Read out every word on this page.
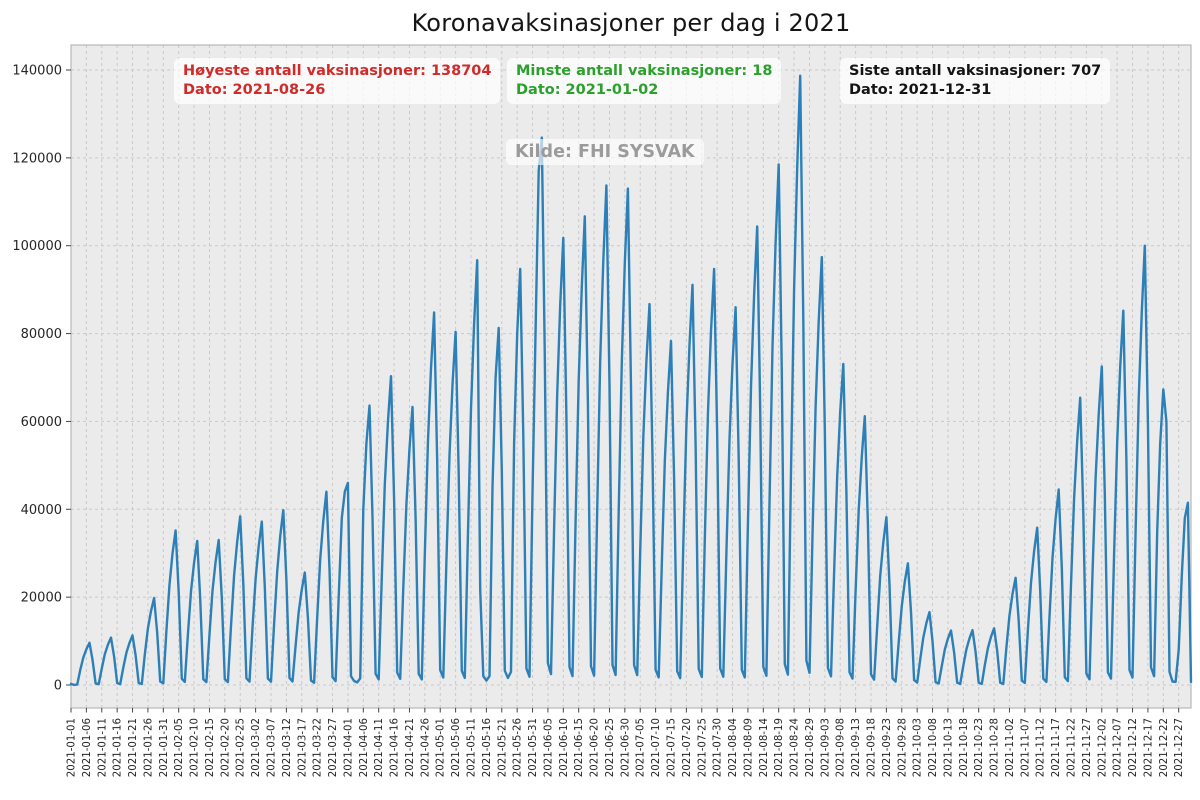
2021-01-01 2021-01-06 2021-01-11 2021-01-16 2021-01-21 2021-01-26 2021-01-31 2021-02-05 2021-02-10 2021-02-15 2021-02-20 2021-02-25 2021-03-02 2021-03-07 2021-03-12 2021-03-17 2021-03-22 2021-03-27 2021-04-01 2021-04-06 2021-04-11 2021-04-16 2021-04-21 2021-04-26 2021-05-01 2021-05-06 2021-05-11 2021-05-16 2021-05-21 2021-05-26 2021-05-31 2021-06-05 2021-06-10 2021-06-15 2021-06-20 2021-06-25 2021-06-30 2021-07-05 2021-07-10 2021-07-15 2021-07-20 2021-07-25 2021-07-30 2021-08-04 2021-08-09 2021-08-14 2021-08-19 2021-08-24 2021-08-29 2021-09-03 2021-09-08 2021-09-13 2021-09-18 2021-09-23 2021-09-28 2021-10-03 2021-10-08 2021-10-13 2021-10-18 2021-10-23 2021-10-28 2021-11-02 2021-11-07 2021-11-12 2021-11-17 2021-11-22 2021-11-27 2021-12-02 2021-12-07 2021-12-12 2021-12-17 2021-12-22 2021-12-27
0
20000
40000
60000
80000
100000
120000
140000
Koronavaksinasjoner per dag i 2021
Høyeste antall vaksinasjoner: 138704
Dato: 2021-08-26
Minste antall vaksinasjoner: 18
Dato: 2021-01-02
Siste antall vaksinasjoner: 707
Dato: 2021-12-31
Kilde: FHI SYSVAK
